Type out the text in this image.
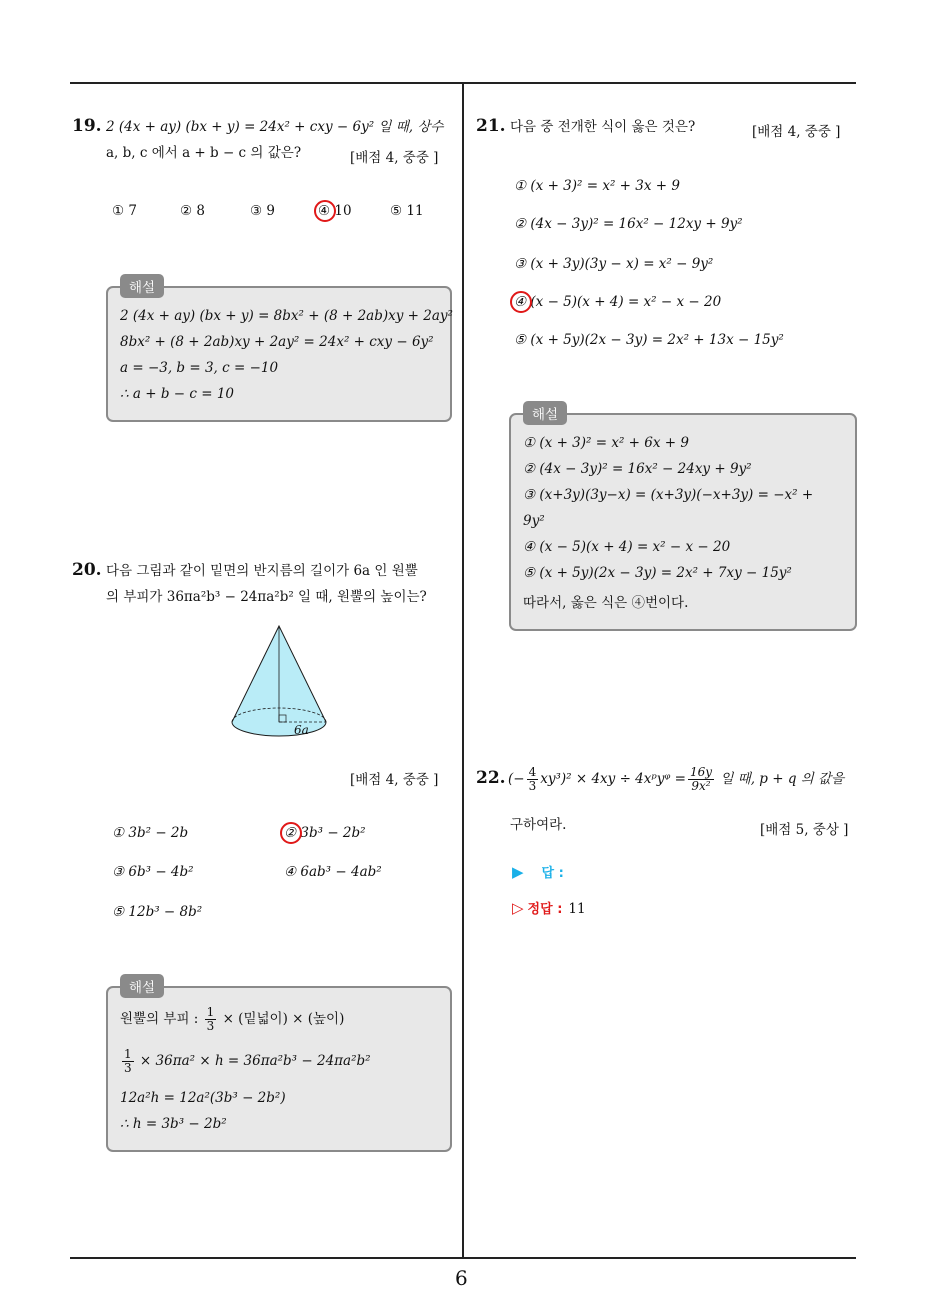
6
19. 2 (4x + ay) (bx + y) = 24x² + cxy − 6y² 일 때, 상수
a, b, c 에서 a + b − c 의 값은?	[배점 4, 중중 ]
① 7	② 8	③ 9	④ 10	⑤ 11
해설
2 (4x + ay) (bx + y) = 8bx² + (8 + 2ab)xy + 2ay²
8bx² + (8 + 2ab)xy + 2ay² = 24x² + cxy − 6y²
a = −3, b = 3, c = −10
∴ a + b − c = 10
20. 다음 그림과 같이 밑면의 반지름의 길이가 6a 인 원뿔
의 부피가 36πa²b³ − 24πa²b² 일 때, 원뿔의 높이는?
6a
[배점 4, 중중 ]
① 3b² − 2b	② 3b³ − 2b²
③ 6b³ − 4b²	④ 6ab³ − 4ab²
⑤ 12b³ − 8b²
해설
원뿔의 부피 : $\frac{1}{3}$ × (밑넓이) × (높이)
$\frac{1}{3} \times 36\pi a^2 \times h = 36\pi a^2b^3 - 24\pi a^2b^2$
12a²h = 12a²(3b³ − 2b²)
∴ h = 3b³ − 2b²
21. 다음 중 전개한 식이 옳은 것은?	[배점 4, 중중 ]
① (x + 3)² = x² + 3x + 9
② (4x − 3y)² = 16x² − 12xy + 9y²
③ (x + 3y)(3y − x) = x² − 9y²
④ (x − 5)(x + 4) = x² − x − 20
⑤ (x + 5y)(2x − 3y) = 2x² + 13x − 15y²
해설
① (x + 3)² = x² + 6x + 9
② (4x − 3y)² = 16x² − 24xy + 9y²
③ (x+3y)(3y−x) = (x+3y)(−x+3y) = −x² +
9y²
④ (x − 5)(x + 4) = x² − x − 20
⑤ (x + 5y)(2x − 3y) = 2x² + 7xy − 15y²
따라서, 옳은 식은 ④번이다.
22. (− $\frac{4}{3} xy^3)^2 \times 4xy$ ÷ 4xᵖyᵠ = $\frac{16y}{\text{9x²}}$ 일 때, p + q 의 값을
구하여라.	[배점 5, 중상 ]
▶ 답 :
▷ 정답 : 11
